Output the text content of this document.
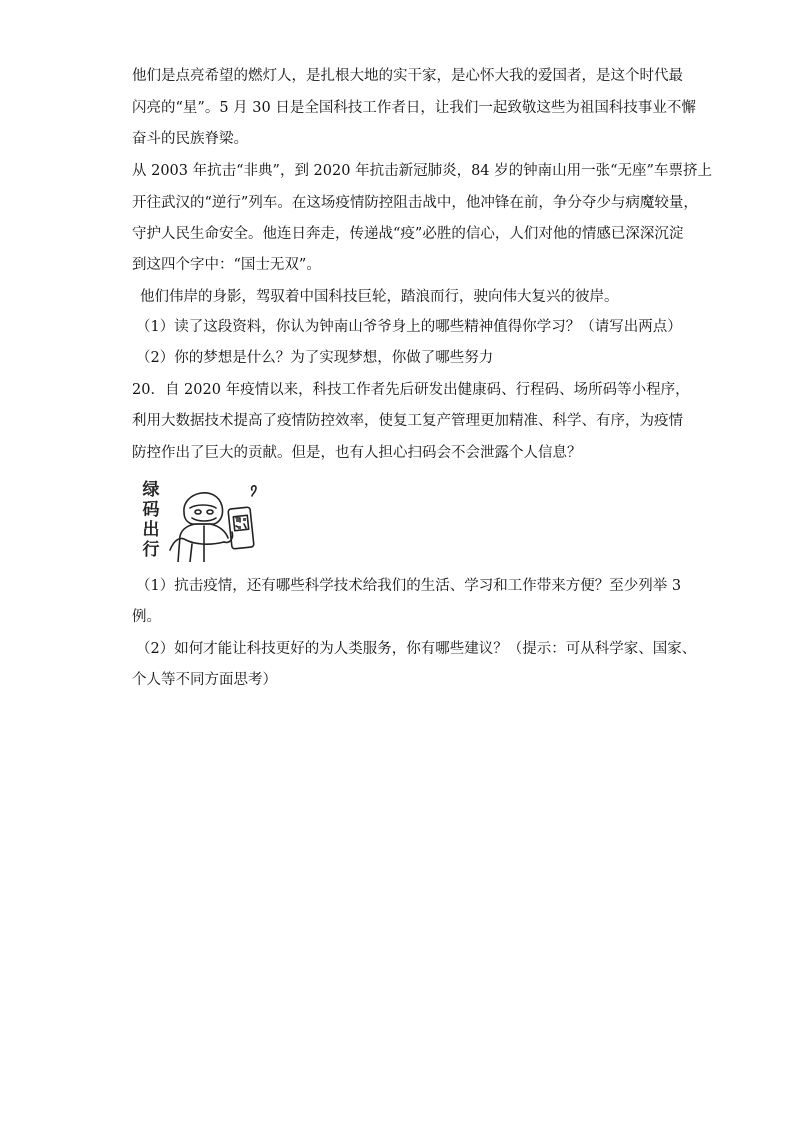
他们是点亮希望的燃灯人，是扎根大地的实干家，是心怀大我的爱国者，是这个时代最
闪亮的“星”。5 月 30 日是全国科技工作者日，让我们一起致敬这些为祖国科技事业不懈
奋斗的民族脊梁。
从 2003 年抗击“非典”，到 2020 年抗击新冠肺炎，84 岁的钟南山用一张“无座”车票挤上
开往武汉的“逆行”列车。在这场疫情防控阻击战中，他冲锋在前，争分夺少与病魔较量，
守护人民生命安全。他连日奔走，传递战“疫”必胜的信心，人们对他的情感已深深沉淀
到这四个字中：“国士无双”。
他们伟岸的身影，驾驭着中国科技巨轮，踏浪而行，驶向伟大复兴的彼岸。
（1）读了这段资料，你认为钟南山爷爷身上的哪些精神值得你学习？（请写出两点）
（2）你的梦想是什么？为了实现梦想，你做了哪些努力
20．自 2020 年疫情以来，科技工作者先后研发出健康码、行程码、场所码等小程序，
利用大数据技术提高了疫情防控效率，使复工复产管理更加精准、科学、有序，为疫情
防控作出了巨大的贡献。但是，也有人担心扫码会不会泄露个人信息？
绿
码
出
行
（1）抗击疫情，还有哪些科学技术给我们的生活、学习和工作带来方便？至少列举 3
例。
（2）如何才能让科技更好的为人类服务，你有哪些建议？（提示：可从科学家、国家、
个人等不同方面思考）
